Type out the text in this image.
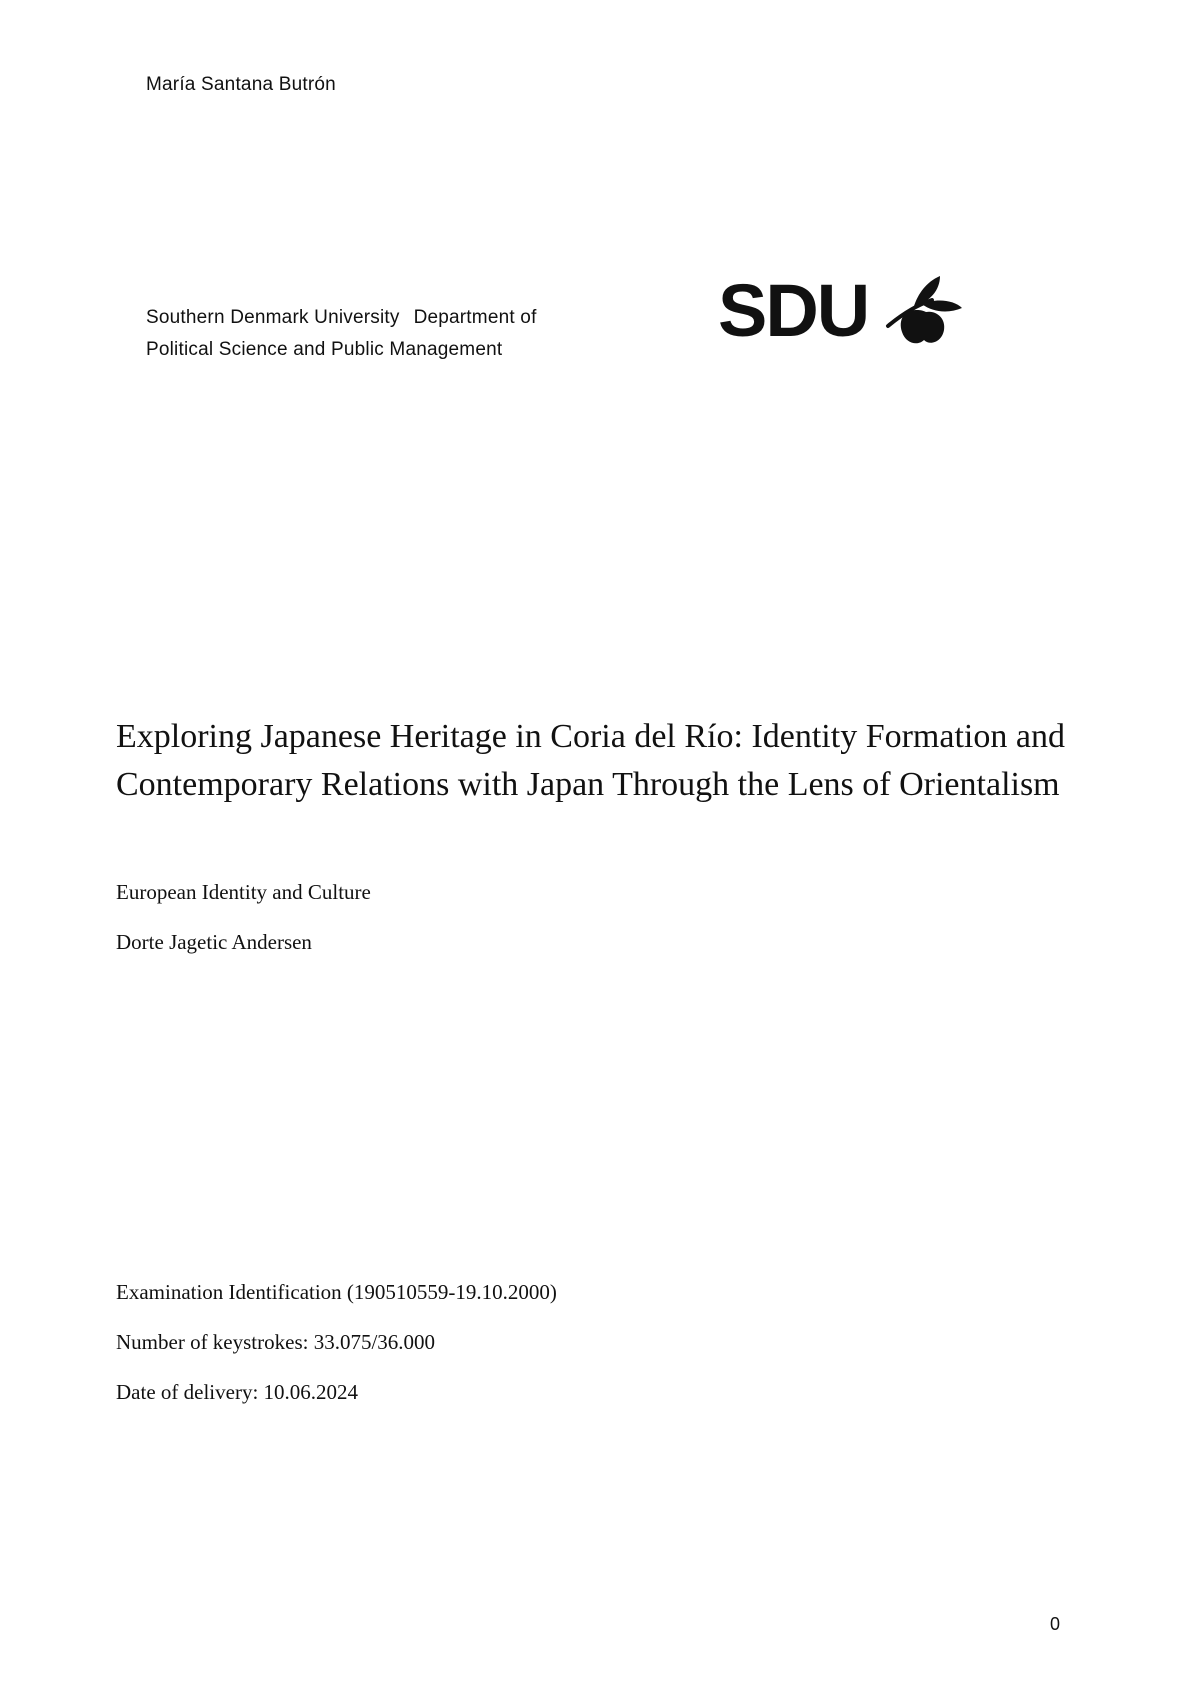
María Santana Butrón
Southern Denmark University Department of
Political Science and Public Management	SDU
Exploring Japanese Heritage in Coria del Río: Identity Formation and Contemporary Relations with Japan Through the Lens of Orientalism
European Identity and Culture
Dorte Jagetic Andersen
Examination Identification (190510559-19.10.2000)
Number of keystrokes: 33.075/36.000
Date of delivery: 10.06.2024
0
